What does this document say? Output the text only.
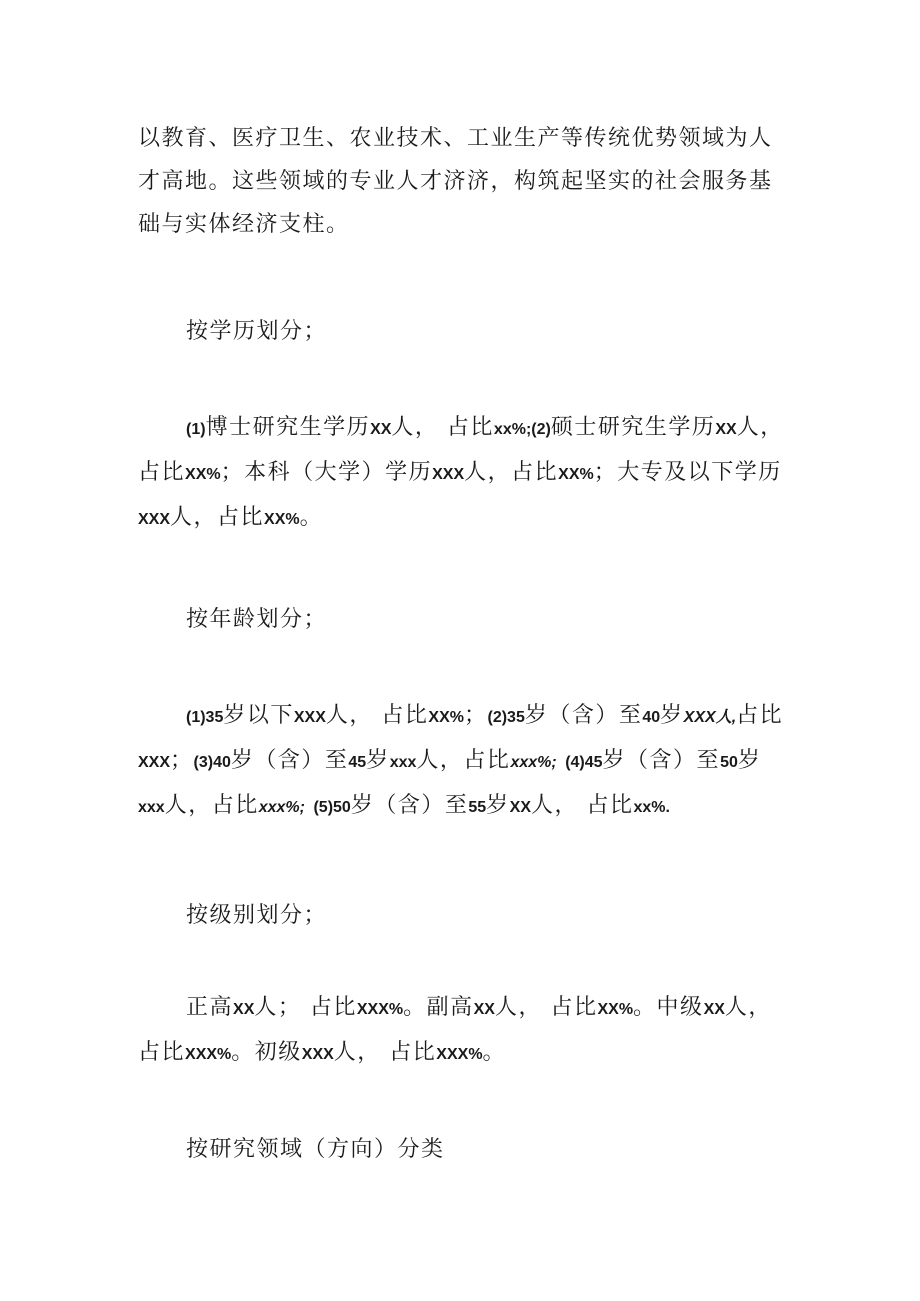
以教育、医疗卫生、农业技术、工业生产等传统优势领域为人才高地。这些领域的专业人才济济，构筑起坚实的社会服务基础与实体经济支柱。

按学历划分；

(1)博士研究生学历XX人， 占比xx%;(2)硕士研究生学历XX人，占比XX%；本科（大学）学历XXX人，占比XX%；大专及以下学历XXX人，占比XX%。

按年龄划分；

(1)35岁以下XXX人， 占比XX%；(2)35岁（含）至40岁XXX人,占比XXX；(3)40岁（含）至45岁xxx人，占比xxx%; (4)45岁（含）至50岁xxx人，占比xxx%; (5)50岁（含）至55岁XX人， 占比xx%.

按级别划分；

正高XX人； 占比XXX%。副高XX人， 占比XX%。中级XX人， 占比XXX%。初级XXX人， 占比XXX%。

按研究领域（方向）分类
